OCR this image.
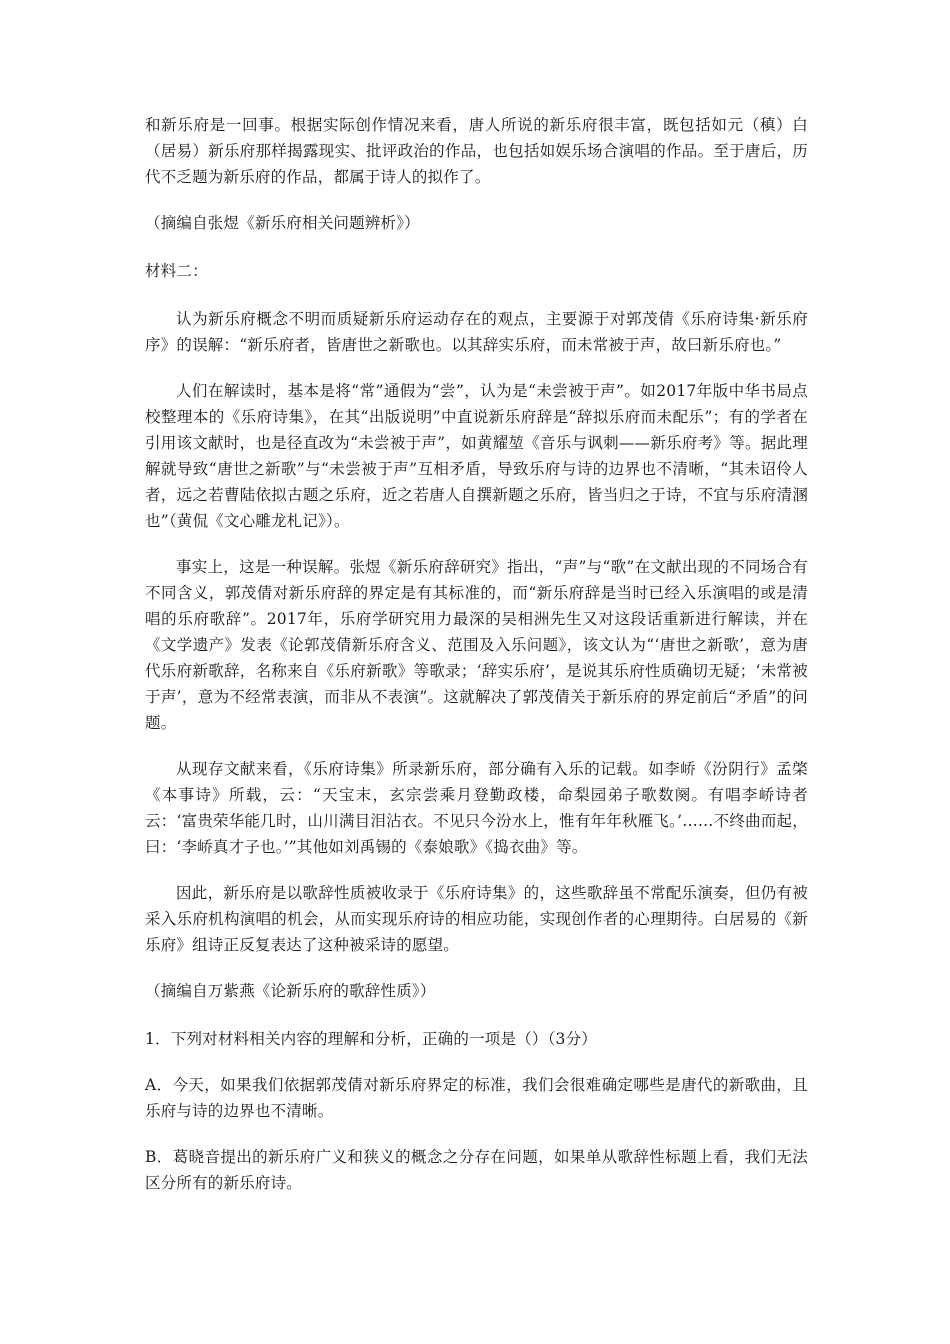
和新乐府是一回事。根据实际创作情况来看，唐人所说的新乐府很丰富，既包括如元（稹）白（居易）新乐府那样揭露现实、批评政治的作品，也包括如娱乐场合演唱的作品。至于唐后，历代不乏题为新乐府的作品，都属于诗人的拟作了。

（摘编自张煜《新乐府相关问题辨析》）

材料二：

认为新乐府概念不明而质疑新乐府运动存在的观点，主要源于对郭茂倩《乐府诗集·新乐府序》的误解：“新乐府者，皆唐世之新歌也。以其辞实乐府，而未常被于声，故曰新乐府也。”

人们在解读时，基本是将“常”通假为“尝”，认为是“未尝被于声”。如2017年版中华书局点校整理本的《乐府诗集》，在其“出版说明”中直说新乐府辞是“辞拟乐府而未配乐”；有的学者在引用该文献时，也是径直改为“未尝被于声”，如黄耀堃《音乐与讽刺——新乐府考》等。据此理解就导致“唐世之新歌”与“未尝被于声”互相矛盾，导致乐府与诗的边界也不清晰，“其未诏伶人者，远之若曹陆依拟古题之乐府，近之若唐人自撰新题之乐府，皆当归之于诗，不宜与乐府清溷也”（黄侃《文心雕龙札记》）。

事实上，这是一种误解。张煜《新乐府辞研究》指出，“声”与“歌”在文献出现的不同场合有不同含义，郭茂倩对新乐府辞的界定是有其标准的，而“新乐府辞是当时已经入乐演唱的或是清唱的乐府歌辞”。2017年，乐府学研究用力最深的吴相洲先生又对这段话重新进行解读，并在《文学遗产》发表《论郭茂倩新乐府含义、范围及入乐问题》，该文认为“‘唐世之新歌’，意为唐代乐府新歌辞，名称来自《乐府新歌》等歌录；‘辞实乐府’，是说其乐府性质确切无疑；‘未常被于声’，意为不经常表演，而非从不表演”。这就解决了郭茂倩关于新乐府的界定前后“矛盾”的问题。

从现存文献来看，《乐府诗集》所录新乐府，部分确有入乐的记载。如李峤《汾阴行》孟棨《本事诗》所载，云：“天宝末，玄宗尝乘月登勤政楼，命梨园弟子歌数阕。有唱李峤诗者云：‘富贵荣华能几时，山川满目泪沾衣。不见只今汾水上，惟有年年秋雁飞。’……不终曲而起，曰：‘李峤真才子也。’”其他如刘禹锡的《泰娘歌》《捣衣曲》等。

因此，新乐府是以歌辞性质被收录于《乐府诗集》的，这些歌辞虽不常配乐演奏，但仍有被采入乐府机构演唱的机会，从而实现乐府诗的相应功能，实现创作者的心理期待。白居易的《新乐府》组诗正反复表达了这种被采诗的愿望。

（摘编自万紫燕《论新乐府的歌辞性质》）

1．下列对材料相关内容的理解和分析，正确的一项是（）（3分）

A．今天，如果我们依据郭茂倩对新乐府界定的标准，我们会很难确定哪些是唐代的新歌曲，且乐府与诗的边界也不清晰。

B．葛晓音提出的新乐府广义和狭义的概念之分存在问题，如果单从歌辞性标题上看，我们无法区分所有的新乐府诗。
